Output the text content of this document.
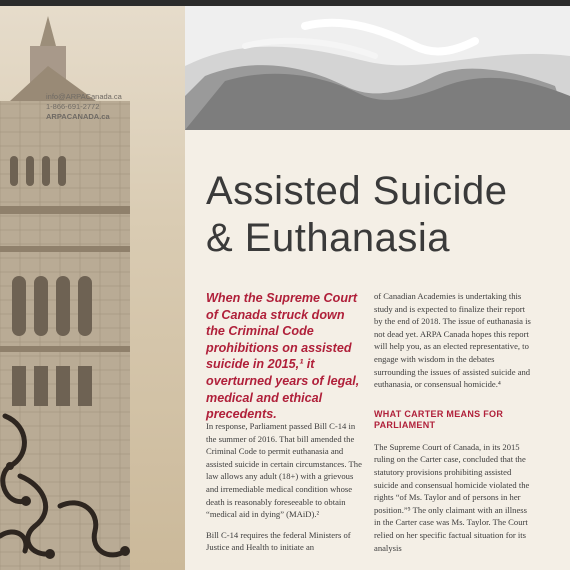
info@ARPACanada.ca
1-866-691-2772
ARPACANADA.ca
Assisted Suicide
& Euthanasia
When the Supreme Court of Canada struck down the Criminal Code prohibitions on assisted suicide in 2015,¹ it overturned years of legal, medical and ethical precedents.

In response, Parliament passed Bill C-14 in the summer of 2016. That bill amended the Criminal Code to permit euthanasia and assisted suicide in certain circumstances. The law allows any adult (18+) with a grievous and irremediable medical condition whose death is reasonably foreseeable to obtain “medical aid in dying” (MAiD).²

Bill C-14 requires the federal Ministers of Justice and Health to initiate an

of Canadian Academies is undertaking this study and is expected to finalize their report by the end of 2018. The issue of euthanasia is not dead yet. ARPA Canada hopes this report will help you, as an elected representative, to engage with wisdom in the debates surrounding the issues of assisted suicide and euthanasia, or consensual homicide.⁴

WHAT CARTER MEANS FOR PARLIAMENT

The Supreme Court of Canada, in its 2015 ruling on the Carter case, concluded that the statutory provisions prohibiting assisted suicide and consensual homicide violated the rights “of Ms. Taylor and of persons in her position.”⁵ The only claimant with an illness in the Carter case was Ms. Taylor. The Court relied on her specific factual situation for its analysis
